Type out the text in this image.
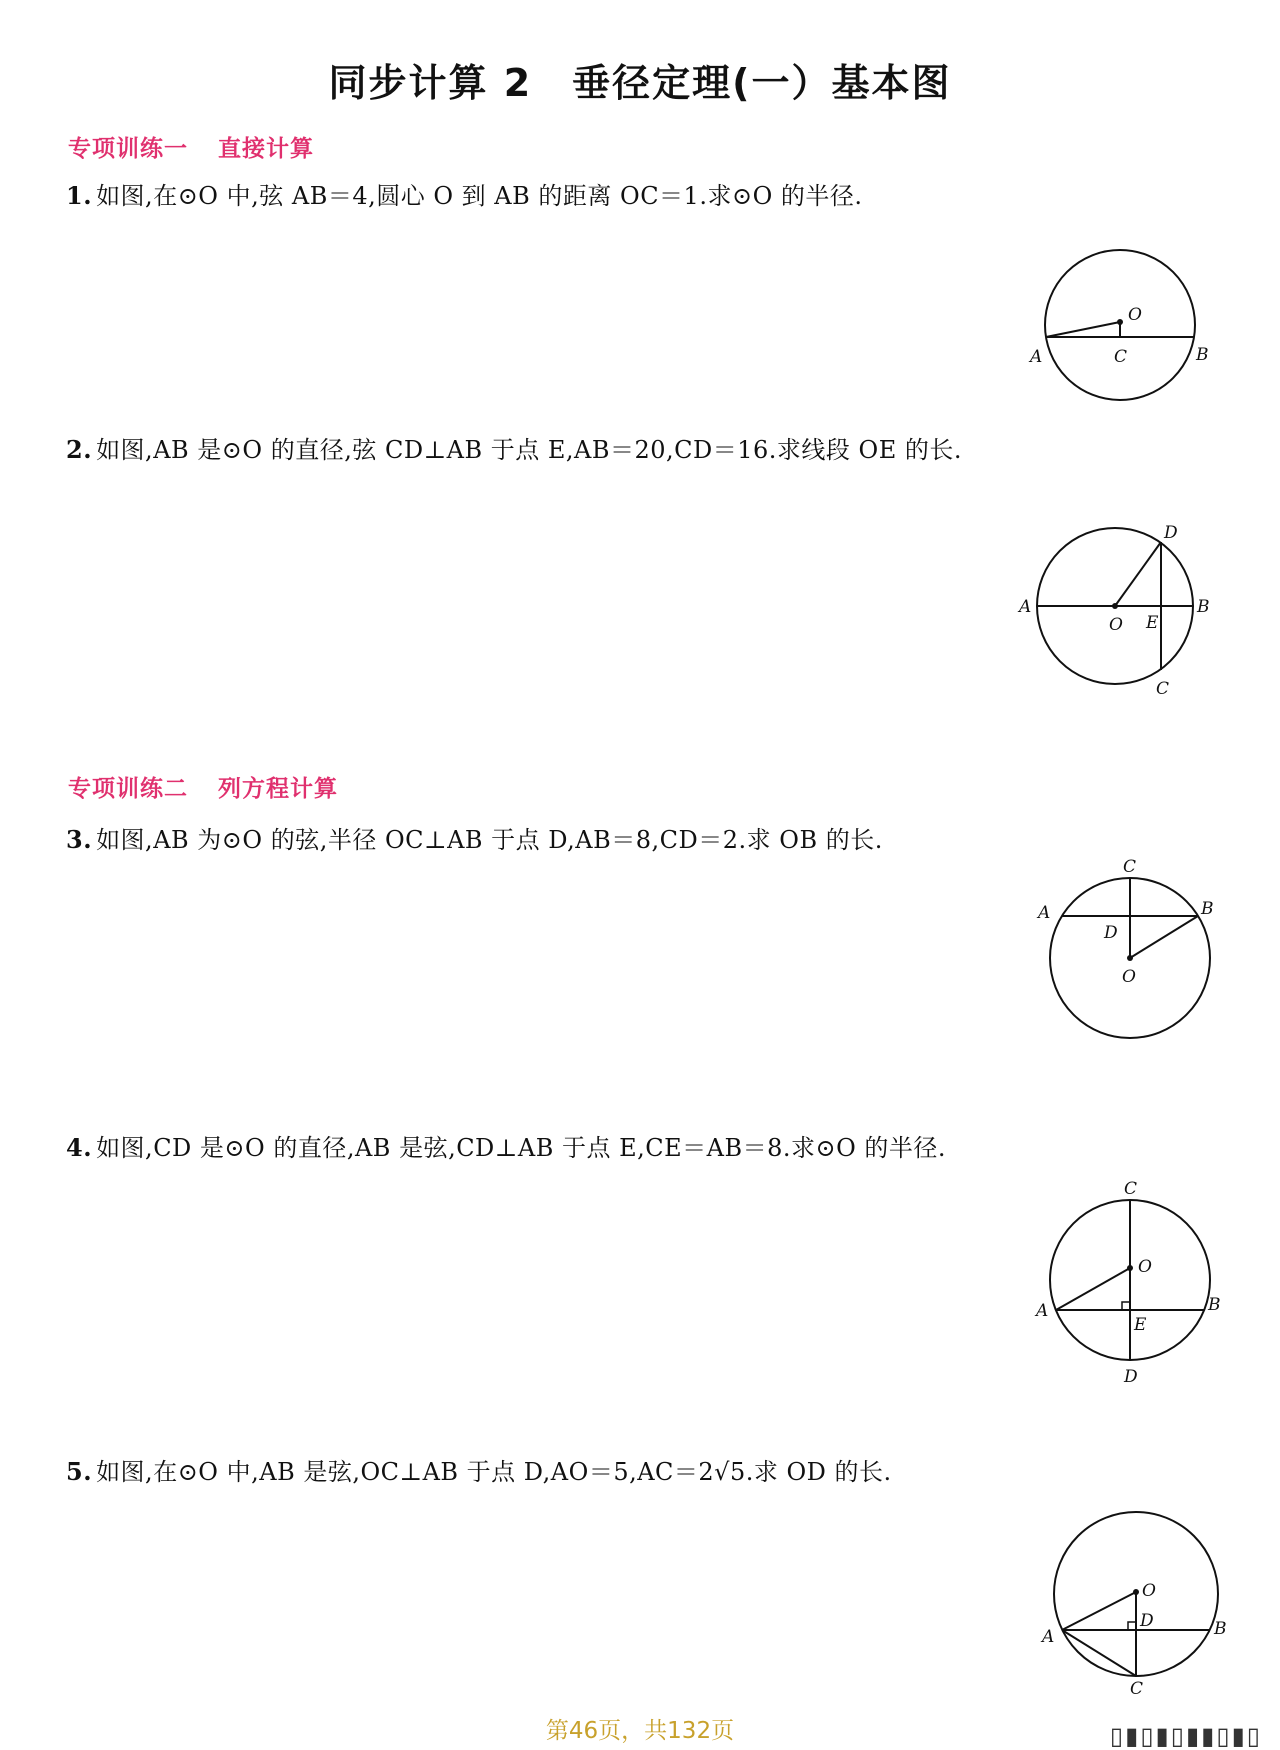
同步计算 2　垂径定理(一）基本图
专项训练一 直接计算
1. 如图,在⊙O 中,弦 AB＝4,圆心 O 到 AB 的距离 OC＝1.求⊙O 的半径.
O
A	B
C
2. 如图,AB 是⊙O 的直径,弦 CD⊥AB 于点 E,AB＝20,CD＝16.求线段 OE 的长.
D
A	B
O E
C
专项训练二 列方程计算
3. 如图,AB 为⊙O 的弦,半径 OC⊥AB 于点 D,AB＝8,CD＝2.求 OB 的长.
C
A	B
D
O
4. 如图,CD 是⊙O 的直径,AB 是弦,CD⊥AB 于点 E,CE＝AB＝8.求⊙O 的半径.
C
O
A	B
E
D
5. 如图,在⊙O 中,AB 是弦,OC⊥AB 于点 D,AO＝5,AC＝2√5.求 OD 的长.
O
D
A	B
C
第46页，共132页	▯▮▯▮▯▮▮▯▮▯
